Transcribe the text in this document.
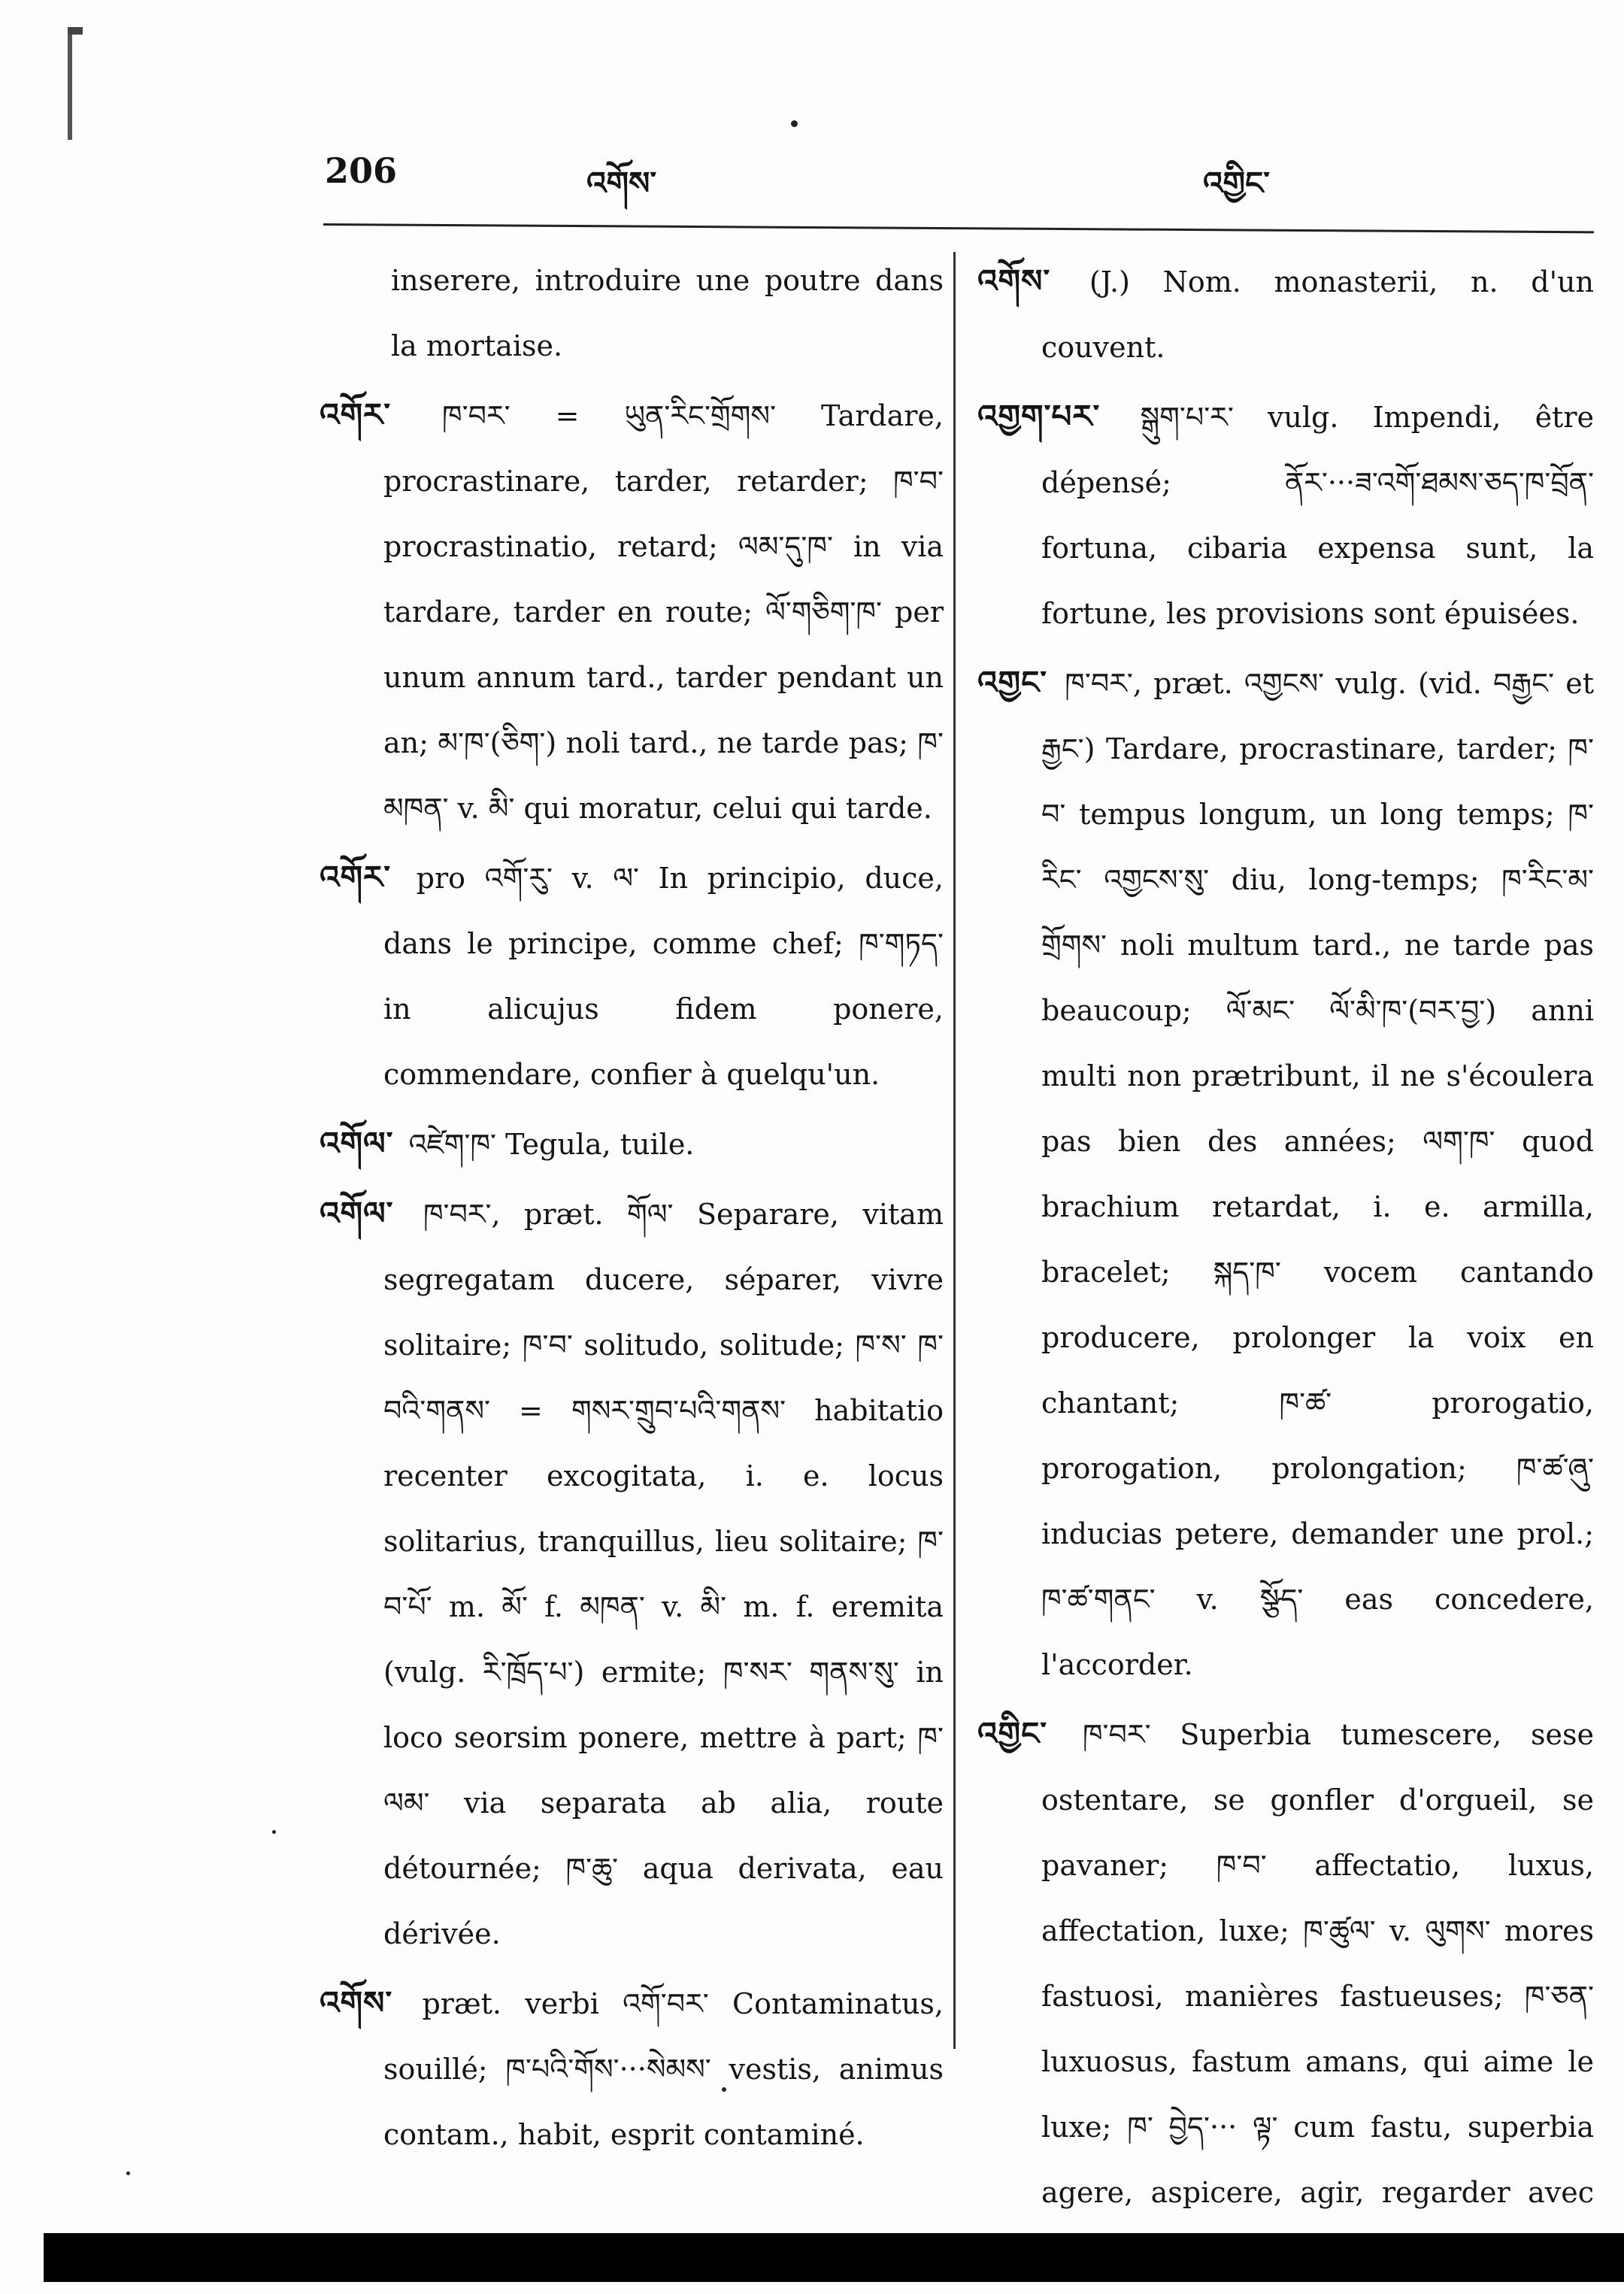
206	འགོས་	འགྱིང་

inserere, introduire une poutre dans la mortaise.

འགོར་ ཁ་བར་ = ཡུན་རིང་གྲོགས་ Tardare, procrastinare, tarder, retarder; ཁ་བ་ procrastinatio, retard; ལམ་དུ་ཁ་ in via tardare, tarder en route; ལོ་གཅིག་ཁ་ per unum annum tard., tarder pendant un an; མ་ཁ་(ཅིག་) noli tard., ne tarde pas; ཁ་མཁན་ v. མི་ qui moratur, celui qui tarde.

འགོར་ pro འགོ་རུ་ v. ལ་ In principio, duce, dans le principe, comme chef; ཁ་གཏད་ in alicujus fidem ponere, commendare, confier à quelqu'un.

འགོལ་ འཛེག་ཁ་ Tegula, tuile.

འགོལ་ ཁ་བར་, præt. གོལ་ Separare, vitam segregatam ducere, séparer, vivre solitaire; ཁ་བ་ solitudo, solitude; ཁ་ས་ ཁ་བའི་གནས་ = གསར་གྲུབ་པའི་གནས་ habitatio recenter excogitata, i. e. locus solitarius, tranquillus, lieu solitaire; ཁ་བ་པོ་ m. མོ་ f. མཁན་ v. མི་ m. f. eremita (vulg. རི་ཁྲོད་པ་) ermite; ཁ་སར་ གནས་སུ་ in loco seorsim ponere, mettre à part; ཁ་ལམ་ via separata ab alia, route détournée; ཁ་ཆུ་ aqua derivata, eau dérivée.

འགོས་ præt. verbi འགོ་བར་ Contaminatus, souillé; ཁ་པའི་གོས་···སེམས་ vestis, animus contam., habit, esprit contaminé.

འགོས་ (J.) Nom. monasterii, n. d'un couvent.

འགྱག་པར་ སྒུག་པ་ར་ vulg. Impendi, être dépensé; ནོར་···ཟ་འགོ་ཐམས་ཅད་ཁ་བྲོན་ fortuna, cibaria expensa sunt, la fortune, les provisions sont épuisées.

འགྱང་ ཁ་བར་, præt. འགྱངས་ vulg. (vid. བརྒྱང་ et རྒྱང་) Tardare, procrastinare, tarder; ཁ་བ་ tempus longum, un long temps; ཁ་རིང་ འགྱངས་སུ་ diu, long-temps; ཁ་རིང་མ་གྲོགས་ noli multum tard., ne tarde pas beaucoup; ལོ་མང་ ལོ་མི་ཁ་(བར་བྱ་) anni multi non prætribunt, il ne s'écoulera pas bien des années; ལག་ཁ་ quod brachium retardat, i. e. armilla, bracelet; སྐད་ཁ་ vocem cantando producere, prolonger la voix en chantant; ཁ་ཚ་ prorogatio, prorogation, prolongation; ཁ་ཚ་ཞུ་ inducias petere, demander une prol.; ཁ་ཚ་གནང་ v. སྩོད་ eas concedere, l'accorder.

འགྱིང་ ཁ་བར་ Superbia tumescere, sese ostentare, se gonfler d'orgueil, se pavaner; ཁ་བ་ affectatio, luxus, affectation, luxe; ཁ་ཚུལ་ v. ལུགས་ mores fastuosi, manières fastueuses; ཁ་ཅན་ luxuosus, fastum amans, qui aime le luxe; ཁ་ བྱེད་··· ལྟ་ cum fastu, superbia agere, aspicere, agir, regarder avec
